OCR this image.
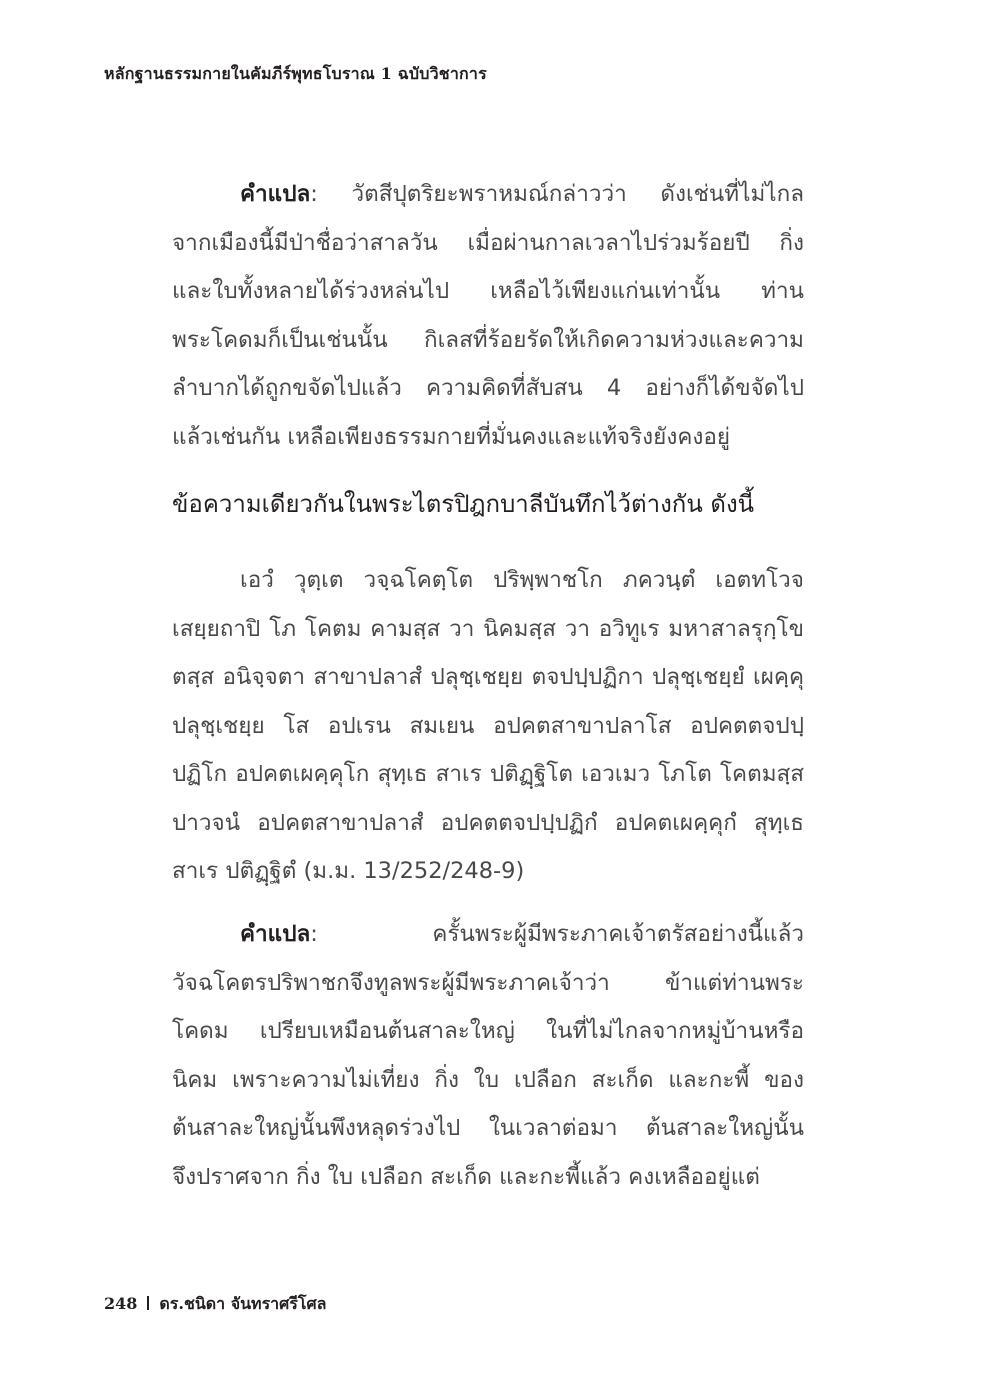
หลักฐานธรรมกายในคัมภีร์พุทธโบราณ 1 ฉบับวิชาการ
คำแปล: วัตสีปุตริยะพราหมณ์กล่าวว่า ดังเช่นที่ไม่ไกล
จากเมืองนี้มีป่าชื่อว่าสาลวัน เมื่อผ่านกาลเวลาไปร่วมร้อยปี กิ่ง
และใบทั้งหลายได้ร่วงหล่นไป เหลือไว้เพียงแก่นเท่านั้น ท่าน
พระโคดมก็เป็นเช่นนั้น กิเลสที่ร้อยรัดให้เกิดความห่วงและความ
ลำบากได้ถูกขจัดไปแล้ว ความคิดที่สับสน 4 อย่างก็ได้ขจัดไป
แล้วเช่นกัน เหลือเพียงธรรมกายที่มั่นคงและแท้จริงยังคงอยู่
ข้อความเดียวกันในพระไตรปิฎกบาลีบันทึกไว้ต่างกัน ดังนี้
เอวํ วุตฺเต วจฺฉโคตฺโต ปริพฺพาชโก ภควนฺตํ เอตทโวจ
เสยฺยถาปิ โภ โคตม คามสฺส วา นิคมสฺส วา อวิทูเร มหาสาลรุกฺโข
ตสฺส อนิจฺจตา สาขาปลาสํ ปลุชฺเชยฺย ตจปปฺปฏิกา ปลุชฺเชยฺยํ เผคฺคุ
ปลุชฺเชยฺย โส อปเรน สมเยน อปคตสาขาปลาโส อปคตตจปปฺ
ปฏิโก อปคตเผคฺคุโก สุทฺเธ สาเร ปติฏฺฐิโต เอวเมว โภโต โคตมสฺส
ปาวจนํ อปคตสาขาปลาสํ อปคตตจปปฺปฏิกํ อปคตเผคฺคุกํ สุทฺเธ
สาเร ปติฏฺฐิตํ (ม.ม. 13/252/248-9)
คำแปล: ครั้นพระผู้มีพระภาคเจ้าตรัสอย่างนี้แล้ว
วัจฉโคตรปริพาชกจึงทูลพระผู้มีพระภาคเจ้าว่า ข้าแต่ท่านพระ
โคดม เปรียบเหมือนต้นสาละใหญ่ ในที่ไม่ไกลจากหมู่บ้านหรือ
นิคม เพราะความไม่เที่ยง กิ่ง ใบ เปลือก สะเก็ด และกะพี้ ของ
ต้นสาละใหญ่นั้นพึงหลุดร่วงไป ในเวลาต่อมา ต้นสาละใหญ่นั้น
จึงปราศจาก กิ่ง ใบ เปลือก สะเก็ด และกะพี้แล้ว คงเหลืออยู่แต่
248 ดร.ชนิดา จันทราศรีโศล
